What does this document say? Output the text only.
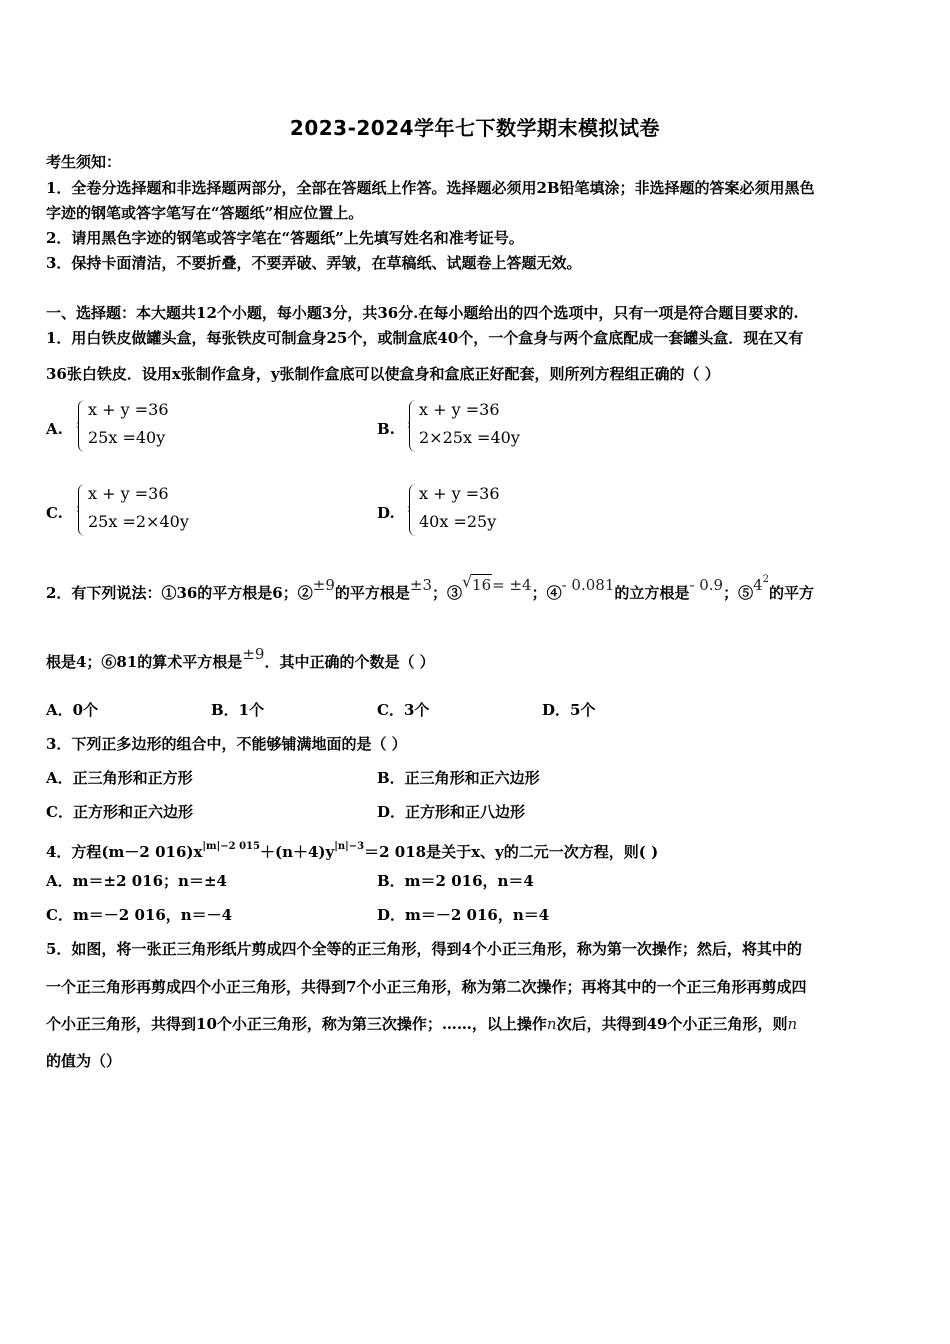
2023-2024学年七下数学期末模拟试卷
考生须知：
1．全卷分选择题和非选择题两部分，全部在答题纸上作答。选择题必须用2B铅笔填涂；非选择题的答案必须用黑色
字迹的钢笔或答字笔写在“答题纸”相应位置上。
2．请用黑色字迹的钢笔或答字笔在“答题纸”上先填写姓名和准考证号。
3．保持卡面清洁，不要折叠，不要弄破、弄皱，在草稿纸、试题卷上答题无效。
一、选择题：本大题共12个小题，每小题3分，共36分.在每小题给出的四个选项中，只有一项是符合题目要求的.
1．用白铁皮做罐头盒，每张铁皮可制盒身25个，或制盒底40个，一个盒身与两个盒底配成一套罐头盒．现在又有
36张白铁皮．设用x张制作盒身，y张制作盒底可以使盒身和盒底正好配套，则所列方程组正确的（ ）
A.
x + y =36
25x =40y	B.
x + y =36
2×25x =40y
C.
x + y =36
25x =2×40y	D.
x + y =36
40x =25y
2．有下列说法：①36的平方根是6；②±9的平方根是±3；③
√ 16= ±4；④- 0.081的立方根是- 0.9；$⑤4^2$的平方
根是4；⑥81的算术平方根是±9．其中正确的个数是（ ）
A．0个	B．1个	C．3个	D．5个
3．下列正多边形的组合中，不能够铺满地面的是（ ）
A．正三角形和正方形	B．正三角形和正六边形
C．正方形和正六边形	D．正方形和正八边形
4．方程(m－2 $016)x^{|m|-2 015}+(n+4)y^{|n|-3}=2$ 018是关于x、y的二元一次方程，则( )
A．m＝±2 016；n＝±4	B．m＝2 016，n＝4
C．m＝－2 016，n＝－4	D．m＝－2 016，n＝4
5．如图，将一张正三角形纸片剪成四个全等的正三角形，得到4个小正三角形，称为第一次操作；然后，将其中的
一个正三角形再剪成四个小正三角形，共得到7个小正三角形，称为第二次操作；再将其中的一个正三角形再剪成四
个小正三角形，共得到10个小正三角形，称为第三次操作；……，以上操作n次后，共得到49个小正三角形，则n
的值为（）
